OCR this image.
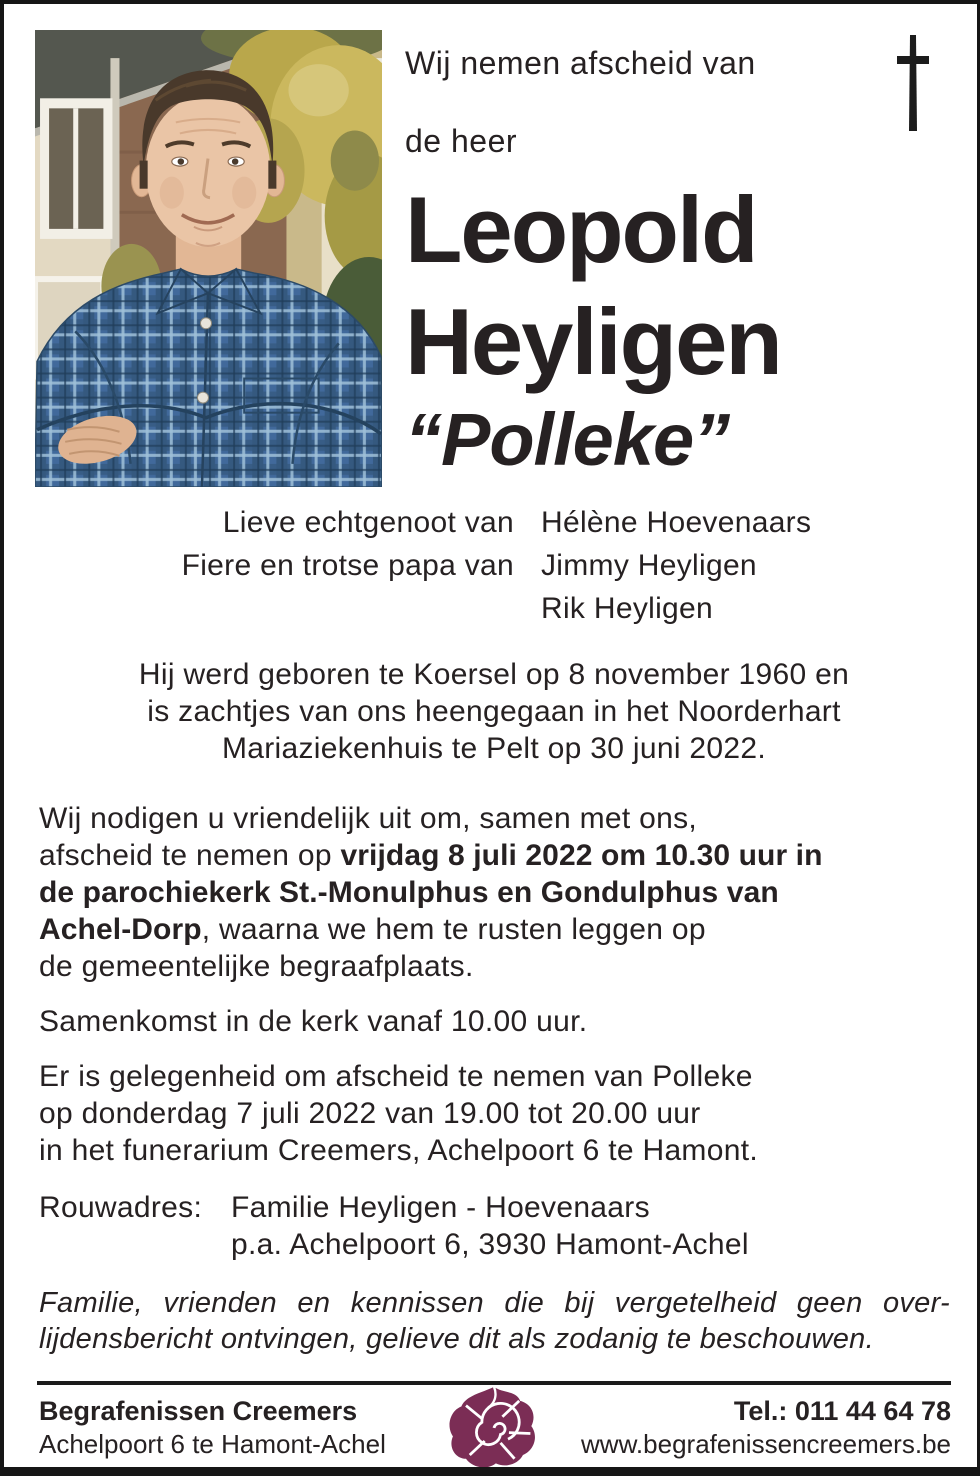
Wij nemen afscheid van
de heer
Leopold
Heyligen
“Polleke”
Lieve echtgenoot van Hélène Hoevenaars
Fiere en trotse papa van Jimmy Heyligen
Rik Heyligen
Hij werd geboren te Koersel op 8 november 1960 en
is zachtjes van ons heengegaan in het Noorderhart
Mariaziekenhuis te Pelt op 30 juni 2022.
Wij nodigen u vriendelijk uit om, samen met ons,
afscheid te nemen op vrijdag 8 juli 2022 om 10.30 uur in
de parochiekerk St.-Monulphus en Gondulphus van
Achel-Dorp, waarna we hem te rusten leggen op
de gemeentelijke begraafplaats.
Samenkomst in de kerk vanaf 10.00 uur.
Er is gelegenheid om afscheid te nemen van Polleke
op donderdag 7 juli 2022 van 19.00 tot 20.00 uur
in het funerarium Creemers, Achelpoort 6 te Hamont.
Rouwadres: Familie Heyligen - Hoevenaars
p.a. Achelpoort 6, 3930 Hamont-Achel
Familie, vrienden en kennissen die bij vergetelheid geen over-
lijdensbericht ontvingen, gelieve dit als zodanig te beschouwen.
Begrafenissen Creemers
Achelpoort 6 te Hamont-Achel
Tel.: 011 44 64 78
www.begrafenissencreemers.be
